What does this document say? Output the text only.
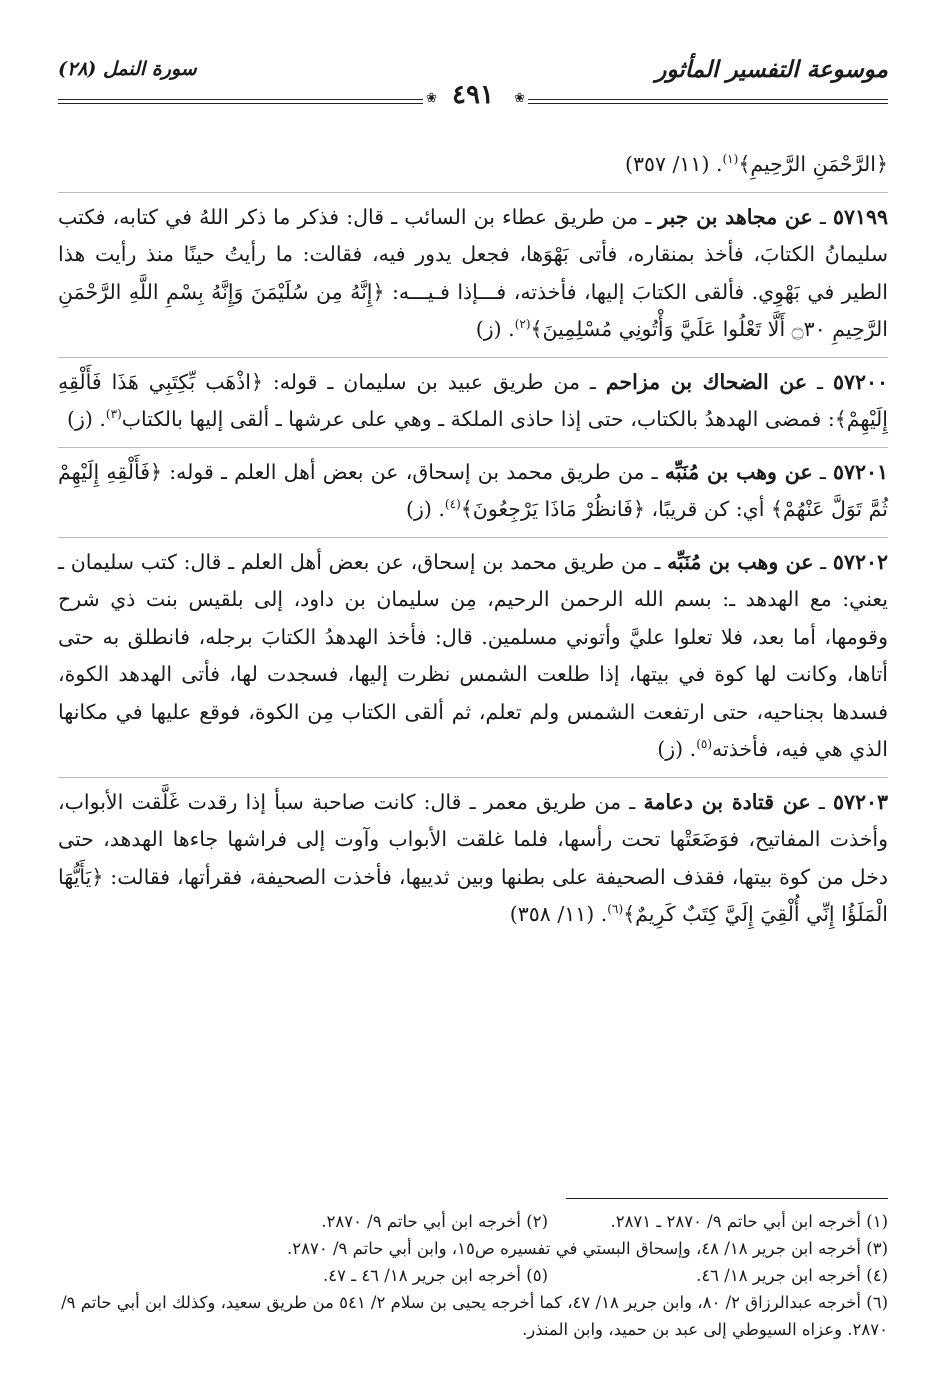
موسوعة التفسير المأثور
سورة النمل (٢٨)
❀
٤٩١
❀

﴿الرَّحْمَنِ الرَّحِيمِ﴾$^{(١)}$. (١١/ ٣٥٧)

٥٧١٩٩ ـ عن مجاهد بن جبر ـ من طريق عطاء بن السائب ـ قال: فذكر ما ذكر اللهُ في كتابه، فكتب سليمانُ الكتابَ، فأخذ بمنقاره، فأتى بَهْوَها، فجعل يدور فيه، فقالت: ما رأيتُ حينًا منذ رأيت هذا الطير في بَهْوِي. فألقى الكتابَ إليها، فأخذته، فـــإذا فـيـــه: ﴿إِنَّهُ مِن سُلَيْمَنَ وَإِنَّهُ بِسْمِ اللَّهِ الرَّحْمَنِ الرَّحِيمِ ۝٣٠ أَلَّا تَعْلُوا عَلَيَّ وَأْتُونِي مُسْلِمِينَ﴾$^{(٢)}$. (ز)

٥٧٢٠٠ ـ عن الضحاك بن مزاحم ـ من طريق عبيد بن سليمان ـ قوله: ﴿اذْهَب بِّكِتَبِي هَذَا فَأَلْقِهِ إِلَيْهِمْ﴾: فمضى الهدهدُ بالكتاب، حتى إذا حاذى الملكة ـ وهي على عرشها ـ ألقى إليها بالكتاب$^{(٣)}$. (ز)

٥٧٢٠١ ـ عن وهب بن مُنَبِّه ـ من طريق محمد بن إسحاق، عن بعض أهل العلم ـ قوله: ﴿فَأَلْقِهِ إِلَيْهِمْ ثُمَّ تَوَلَّ عَنْهُمْ﴾ أي: كن قريبًا، ﴿فَانظُرْ مَاذَا يَرْجِعُونَ﴾$^{(٤)}$. (ز)

٥٧٢٠٢ ـ عن وهب بن مُنَبِّه ـ من طريق محمد بن إسحاق، عن بعض أهل العلم ـ قال: كتب سليمان ـ يعني: مع الهدهد ـ: بسم الله الرحمن الرحيم، مِن سليمان بن داود، إلى بلقيس بنت ذي شرح وقومها، أما بعد، فلا تعلوا عليَّ وأتوني مسلمين. قال: فأخذ الهدهدُ الكتابَ برجله، فانطلق به حتى أتاها، وكانت لها كوة في بيتها، إذا طلعت الشمس نظرت إليها، فسجدت لها، فأتى الهدهد الكوة، فسدها بجناحيه، حتى ارتفعت الشمس ولم تعلم، ثم ألقى الكتاب مِن الكوة، فوقع عليها في مكانها الذي هي فيه، فأخذته$^{(٥)}$. (ز)

٥٧٢٠٣ ـ عن قتادة بن دعامة ـ من طريق معمر ـ قال: كانت صاحبة سبأ إذا رقدت غَلَّقت الأبواب، وأخذت المفاتيح، فوَضَعَتْها تحت رأسها، فلما غلقت الأبواب وآوت إلى فراشها جاءها الهدهد، حتى دخل من كوة بيتها، فقذف الصحيفة على بطنها وبين ثدييها، فأخذت الصحيفة، فقرأتها، فقالت: ﴿يَأَيُّهَا الْمَلَؤُا إِنِّي أُلْقِيَ إِلَيَّ كِتَبٌ كَرِيمٌ﴾$^{(٦)}$. (١١/ ٣٥٨)

(١) أخرجه ابن أبي حاتم ٩/ ٢٨٧٠ ـ ٢٨٧١.
(٢) أخرجه ابن أبي حاتم ٩/ ٢٨٧٠.

(٣) أخرجه ابن جرير ١٨/ ٤٨، وإسحاق البستي في تفسيره ص١٥، وابن أبي حاتم ٩/ ٢٨٧٠.

(٤) أخرجه ابن جرير ١٨/ ٤٦.
(٥) أخرجه ابن جرير ١٨/ ٤٦ ـ ٤٧.

(٦) أخرجه عبدالرزاق ٢/ ٨٠، وابن جرير ١٨/ ٤٧، كما أخرجه يحيى بن سلام ٢/ ٥٤١ من طريق سعيد، وكذلك ابن أبي حاتم ٩/ ٢٨٧٠. وعزاه السيوطي إلى عبد بن حميد، وابن المنذر.
